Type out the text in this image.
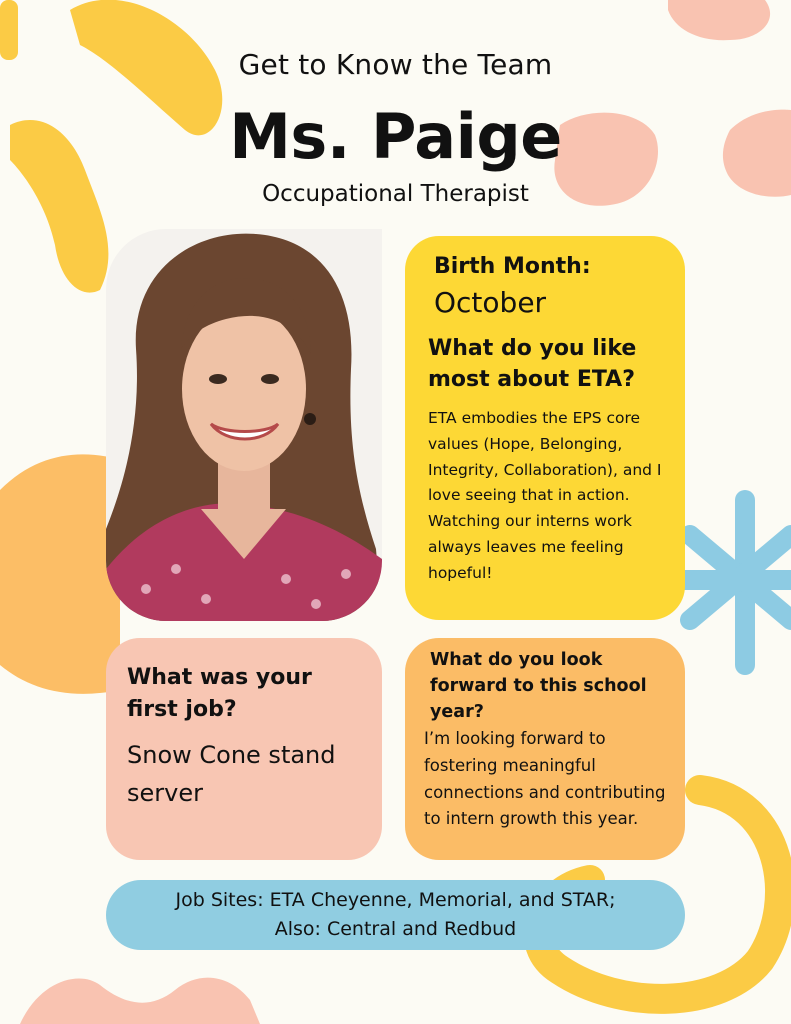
Get to Know the Team
Ms. Paige
Occupational Therapist
Birth Month:
October
What do you like most about ETA?
ETA embodies the EPS core values (Hope, Belonging, Integrity, Collaboration), and I love seeing that in action. Watching our interns work always leaves me feeling hopeful!
What was your first job?
Snow Cone stand server
What do you look forward to this school year?
I’m looking forward to fostering meaningful connections and contributing to intern growth this year.
Job Sites: ETA Cheyenne, Memorial, and STAR;
Also: Central and Redbud
